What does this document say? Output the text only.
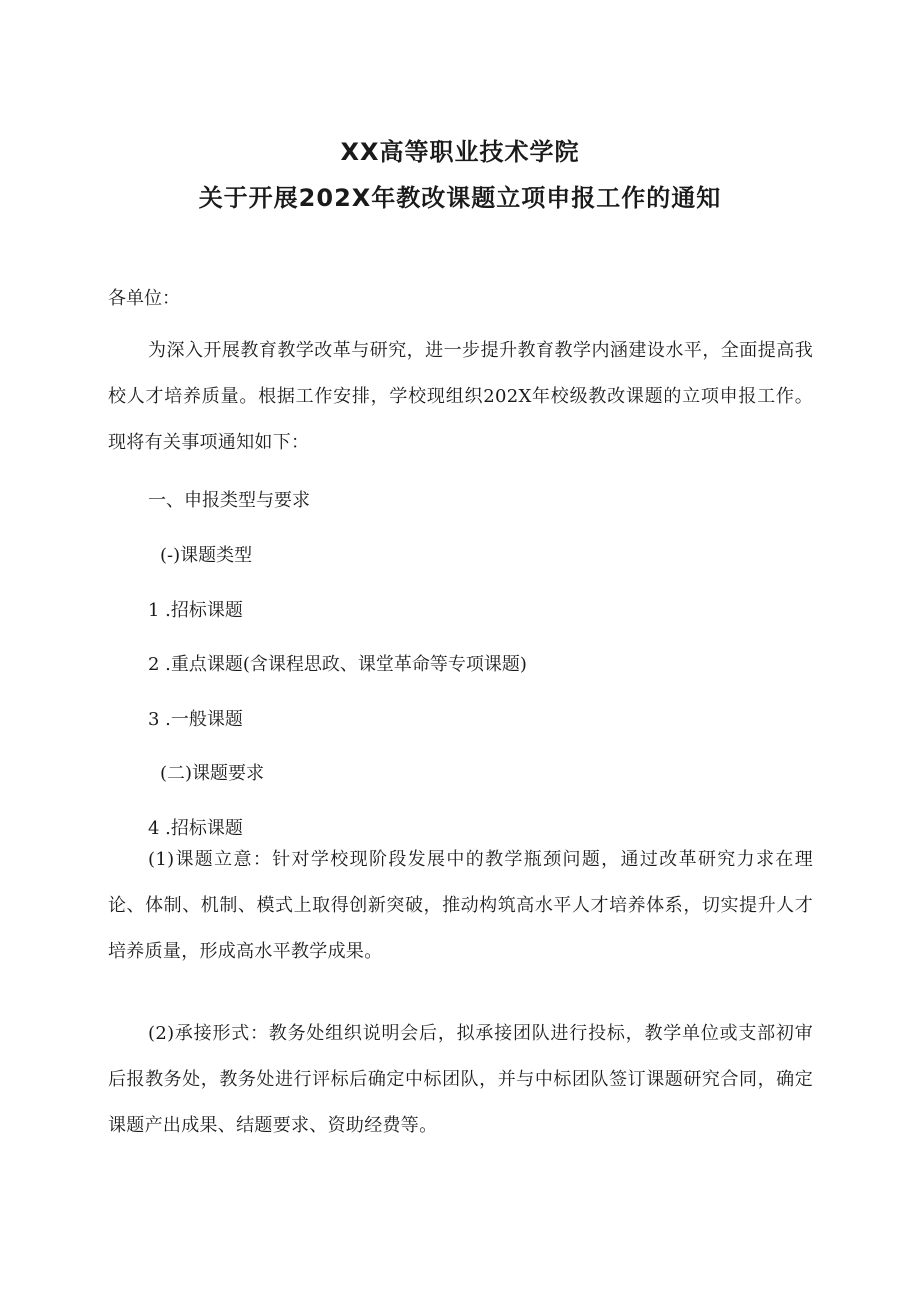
XX高等职业技术学院
关于开展202X年教改课题立项申报工作的通知
各单位：
为深入开展教育教学改革与研究，进一步提升教育教学内涵建设水平，全面提高我校人才培养质量。根据工作安排，学校现组织202X年校级教改课题的立项申报工作。现将有关事项通知如下：
一、申报类型与要求
(-)课题类型
1 .招标课题
2 .重点课题(含课程思政、课堂革命等专项课题)
3 .一般课题
(二)课题要求
4 .招标课题
(1)课题立意：针对学校现阶段发展中的教学瓶颈问题，通过改革研究力求在理论、体制、机制、模式上取得创新突破，推动构筑高水平人才培养体系，切实提升人才培养质量，形成高水平教学成果。
(2)承接形式：教务处组织说明会后，拟承接团队进行投标，教学单位或支部初审后报教务处，教务处进行评标后确定中标团队，并与中标团队签订课题研究合同，确定课题产出成果、结题要求、资助经费等。
